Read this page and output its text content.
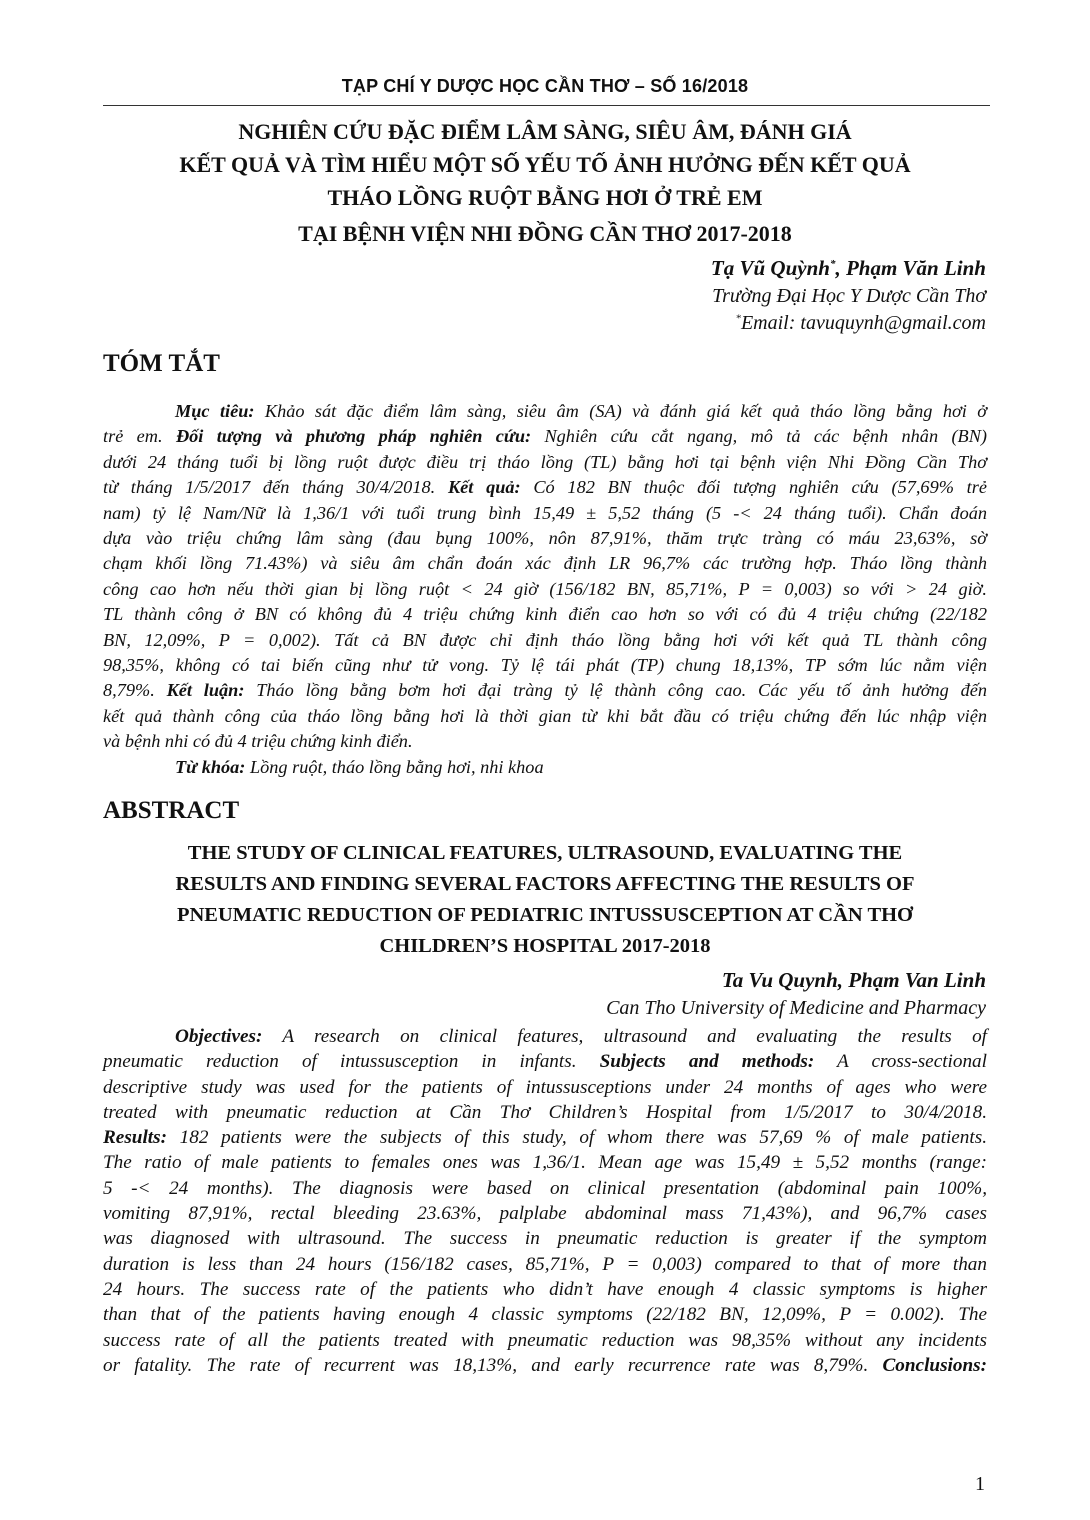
TẠP CHÍ Y DƯỢC HỌC CẦN THƠ – SỐ 16/2018
NGHIÊN CỨU ĐẶC ĐIỂM LÂM SÀNG, SIÊU ÂM, ĐÁNH GIÁ
KẾT QUẢ VÀ TÌM HIỂU MỘT SỐ YẾU TỐ ẢNH HƯỞNG ĐẾN KẾT QUẢ
THÁO LỒNG RUỘT BẰNG HƠI Ở TRẺ EM
TẠI BỆNH VIỆN NHI ĐỒNG CẦN THƠ 2017-2018
Tạ Vũ Quỳnh*, Phạm Văn Linh
Trường Đại Học Y Dược Cần Thơ
*Email: tavuquynh@gmail.com
TÓM TẮT
Mục tiêu: Khảo sát đặc điểm lâm sàng, siêu âm (SA) và đánh giá kết quả tháo lồng bằng hơi ở
trẻ em. Đối tượng và phương pháp nghiên cứu: Nghiên cứu cắt ngang, mô tả các bệnh nhân (BN)
dưới 24 tháng tuổi bị lồng ruột được điều trị tháo lồng (TL) bằng hơi tại bệnh viện Nhi Đồng Cần Thơ
từ tháng 1/5/2017 đến tháng 30/4/2018. Kết quả: Có 182 BN thuộc đối tượng nghiên cứu (57,69% trẻ
nam) tỷ lệ Nam/Nữ là 1,36/1 với tuổi trung bình 15,49 ± 5,52 tháng (5 -< 24 tháng tuổi). Chẩn đoán
dựa vào triệu chứng lâm sàng (đau bụng 100%, nôn 87,91%, thăm trực tràng có máu 23,63%, sờ
chạm khối lồng 71.43%) và siêu âm chẩn đoán xác định LR 96,7% các trường hợp. Tháo lồng thành
công cao hơn nếu thời gian bị lồng ruột < 24 giờ (156/182 BN, 85,71%, P = 0,003) so với > 24 giờ.
TL thành công ở BN có không đủ 4 triệu chứng kinh điển cao hơn so với có đủ 4 triệu chứng (22/182
BN, 12,09%, P = 0,002). Tất cả BN được chỉ định tháo lồng bằng hơi với kết quả TL thành công
98,35%, không có tai biến cũng như tử vong. Tỷ lệ tái phát (TP) chung 18,13%, TP sớm lúc nằm viện
8,79%. Kết luận: Tháo lồng bằng bơm hơi đại tràng tỷ lệ thành công cao. Các yếu tố ảnh hưởng đến
kết quả thành công của tháo lồng bằng hơi là thời gian từ khi bắt đầu có triệu chứng đến lúc nhập viện
và bệnh nhi có đủ 4 triệu chứng kinh điển.
Từ khóa: Lồng ruột, tháo lồng bằng hơi, nhi khoa
ABSTRACT
THE STUDY OF CLINICAL FEATURES, ULTRASOUND, EVALUATING THE
RESULTS AND FINDING SEVERAL FACTORS AFFECTING THE RESULTS OF
PNEUMATIC REDUCTION OF PEDIATRIC INTUSSUSCEPTION AT CẦN THƠ
CHILDREN’S HOSPITAL 2017-2018
Ta Vu Quynh, Phạm Van Linh
Can Tho University of Medicine and Pharmacy
Objectives: A research on clinical features, ultrasound and evaluating the results of
pneumatic reduction of intussusception in infants. Subjects and methods: A cross-sectional
descriptive study was used for the patients of intussusceptions under 24 months of ages who were
treated with pneumatic reduction at Cần Thơ Children’s Hospital from 1/5/2017 to 30/4/2018.
Results: 182 patients were the subjects of this study, of whom there was 57,69 % of male patients.
The ratio of male patients to females ones was 1,36/1. Mean age was 15,49 ± 5,52 months (range:
5 -< 24 months). The diagnosis were based on clinical presentation (abdominal pain 100%,
vomiting 87,91%, rectal bleeding 23.63%, palplabe abdominal mass 71,43%), and 96,7% cases
was diagnosed with ultrasound. The success in pneumatic reduction is greater if the symptom
duration is less than 24 hours (156/182 cases, 85,71%, P = 0,003) compared to that of more than
24 hours. The success rate of the patients who didn’t have enough 4 classic symptoms is higher
than that of the patients having enough 4 classic symptoms (22/182 BN, 12,09%, P = 0.002). The
success rate of all the patients treated with pneumatic reduction was 98,35% without any incidents
or fatality. The rate of recurrent was 18,13%, and early recurrence rate was 8,79%. Conclusions:
1
